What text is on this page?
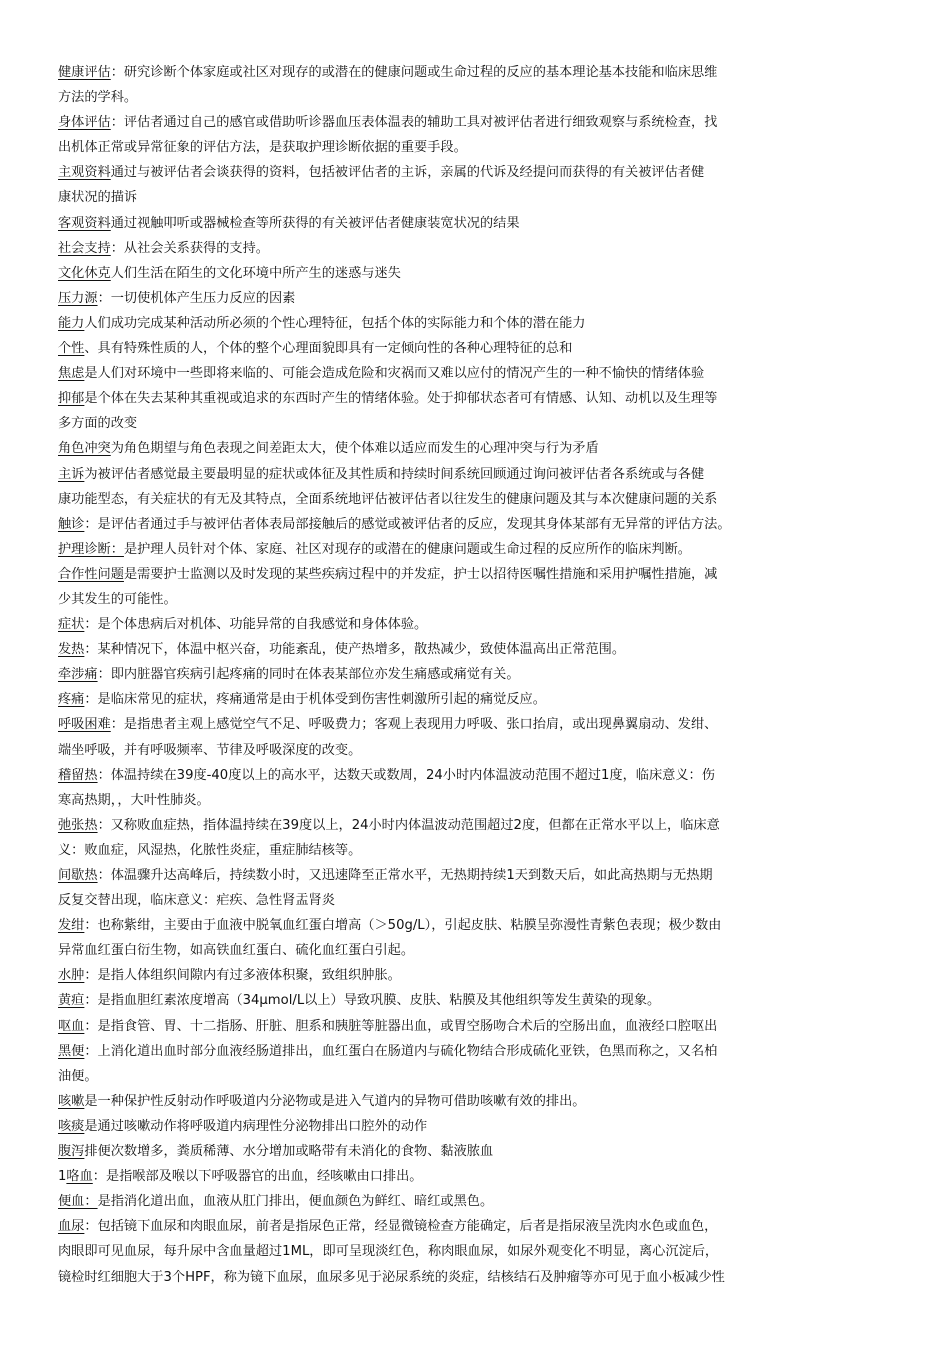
健康评估：研究诊断个体家庭或社区对现存的或潜在的健康问题或生命过程的反应的基本理论基本技能和临床思维
方法的学科。
身体评估：评估者通过自己的感官或借助听诊器血压表体温表的辅助工具对被评估者进行细致观察与系统检查，找
出机体正常或异常征象的评估方法，是获取护理诊断依据的重要手段。
主观资料通过与被评估者会谈获得的资料，包括被评估者的主诉，亲属的代诉及经提问而获得的有关被评估者健
康状况的描诉
客观资料通过视触叩听或器械检查等所获得的有关被评估者健康装宽状况的结果
社会支持：从社会关系获得的支持。
文化休克人们生活在陌生的文化环境中所产生的迷惑与迷失
压力源：一切使机体产生压力反应的因素
能力人们成功完成某种活动所必须的个性心理特征，包括个体的实际能力和个体的潜在能力
个性、具有特殊性质的人，个体的整个心理面貌即具有一定倾向性的各种心理特征的总和
焦虑是人们对环境中一些即将来临的、可能会造成危险和灾祸而又难以应付的情况产生的一种不愉快的情绪体验
抑郁是个体在失去某种其重视或追求的东西时产生的情绪体验。处于抑郁状态者可有情感、认知、动机以及生理等
多方面的改变
角色冲突为角色期望与角色表现之间差距太大，使个体难以适应而发生的心理冲突与行为矛盾
主诉为被评估者感觉最主要最明显的症状或体征及其性质和持续时间系统回顾通过询问被评估者各系统或与各健
康功能型态，有关症状的有无及其特点，全面系统地评估被评估者以往发生的健康问题及其与本次健康问题的关系
触诊：是评估者通过手与被评估者体表局部接触后的感觉或被评估者的反应，发现其身体某部有无异常的评估方法。
护理诊断：是护理人员针对个体、家庭、社区对现存的或潜在的健康问题或生命过程的反应所作的临床判断。
合作性问题是需要护士监测以及时发现的某些疾病过程中的并发症，护士以招待医嘱性措施和采用护嘱性措施，减
少其发生的可能性。
症状：是个体患病后对机体、功能异常的自我感觉和身体体验。
发热：某种情况下，体温中枢兴奋，功能紊乱，使产热增多，散热减少，致使体温高出正常范围。
牵涉痛：即内脏器官疾病引起疼痛的同时在体表某部位亦发生痛感或痛觉有关。
疼痛：是临床常见的症状，疼痛通常是由于机体受到伤害性刺激所引起的痛觉反应。
呼吸困难：是指患者主观上感觉空气不足、呼吸费力；客观上表现用力呼吸、张口抬肩，或出现鼻翼扇动、发绀、
端坐呼吸，并有呼吸频率、节律及呼吸深度的改变。
稽留热：体温持续在39度-40度以上的高水平，达数天或数周，24小时内体温波动范围不超过1度，临床意义：伤
寒高热期，，大叶性肺炎。
弛张热：又称败血症热，指体温持续在39度以上，24小时内体温波动范围超过2度，但都在正常水平以上，临床意
义：败血症，风湿热，化脓性炎症，重症肺结核等。
间歇热：体温骤升达高峰后，持续数小时，又迅速降至正常水平，无热期持续1天到数天后，如此高热期与无热期
反复交替出现，临床意义：疟疾、急性肾盂肾炎
发绀：也称紫绀，主要由于血液中脱氧血红蛋白增高（＞50g/L），引起皮肤、粘膜呈弥漫性青紫色表现；极少数由
异常血红蛋白衍生物，如高铁血红蛋白、硫化血红蛋白引起。
水肿：是指人体组织间隙内有过多液体积聚，致组织肿胀。
黄疸：是指血胆红素浓度增高（34μmol/L以上）导致巩膜、皮肤、粘膜及其他组织等发生黄染的现象。
呕血：是指食管、胃、十二指肠、肝脏、胆系和胰脏等脏器出血，或胃空肠吻合术后的空肠出血，血液经口腔呕出
黑便：上消化道出血时部分血液经肠道排出，血红蛋白在肠道内与硫化物结合形成硫化亚铁，色黑而称之，又名柏
油便。
咳嗽是一种保护性反射动作呼吸道内分泌物或是进入气道内的异物可借助咳嗽有效的排出。
咳痰是通过咳嗽动作将呼吸道内病理性分泌物排出口腔外的动作
腹泻排便次数增多，粪质稀薄、水分增加或略带有未消化的食物、黏液脓血
1咯血：是指喉部及喉以下呼吸器官的出血，经咳嗽由口排出。
便血：是指消化道出血，血液从肛门排出，便血颜色为鲜红、暗红或黑色。
血尿：包括镜下血尿和肉眼血尿，前者是指尿色正常，经显微镜检查方能确定，后者是指尿液呈洗肉水色或血色，
肉眼即可见血尿，每升尿中含血量超过1ML，即可呈现淡红色，称肉眼血尿，如尿外观变化不明显，离心沉淀后，
镜检时红细胞大于3个HPF，称为镜下血尿，血尿多见于泌尿系统的炎症，结核结石及肿瘤等亦可见于血小板减少性
